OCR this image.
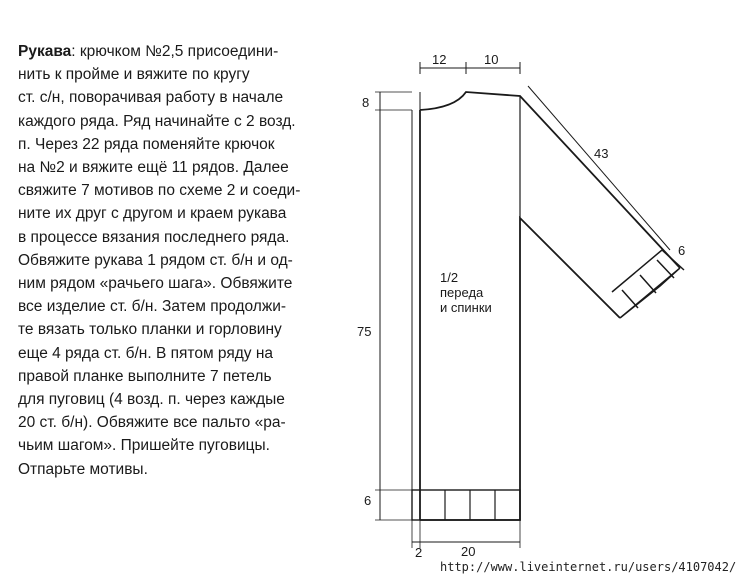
Рукава: крючком №2,5 присоедини-
нить к пройме и вяжите по кругу
ст. с/н, поворачивая работу в начале
каждого ряда. Ряд начинайте с 2 возд.
п. Через 22 ряда поменяйте крючок
на №2 и вяжите ещё 11 рядов. Далее
свяжите 7 мотивов по схеме 2 и соеди-
ните их друг с другом и краем рукава
в процессе вязания последнего ряда.
Обвяжите рукава 1 рядом ст. б/н и од-
ним рядом «рачьего шага». Обвяжите
все изделие ст. б/н. Затем продолжи-
те вязать только планки и горловину
еще 4 ряда ст. б/н. В пятом ряду на
правой планке выполните 7 петель
для пуговиц (4 возд. п. через каждые
20 ст. б/н). Обвяжите все пальто «ра-
чьим шагом». Пришейте пуговицы.
Отпарьте мотивы.
12	10
8
43
6
75
6
2	20
1/2
переда
и спинки
http://www.liveinternet.ru/users/4107042/
